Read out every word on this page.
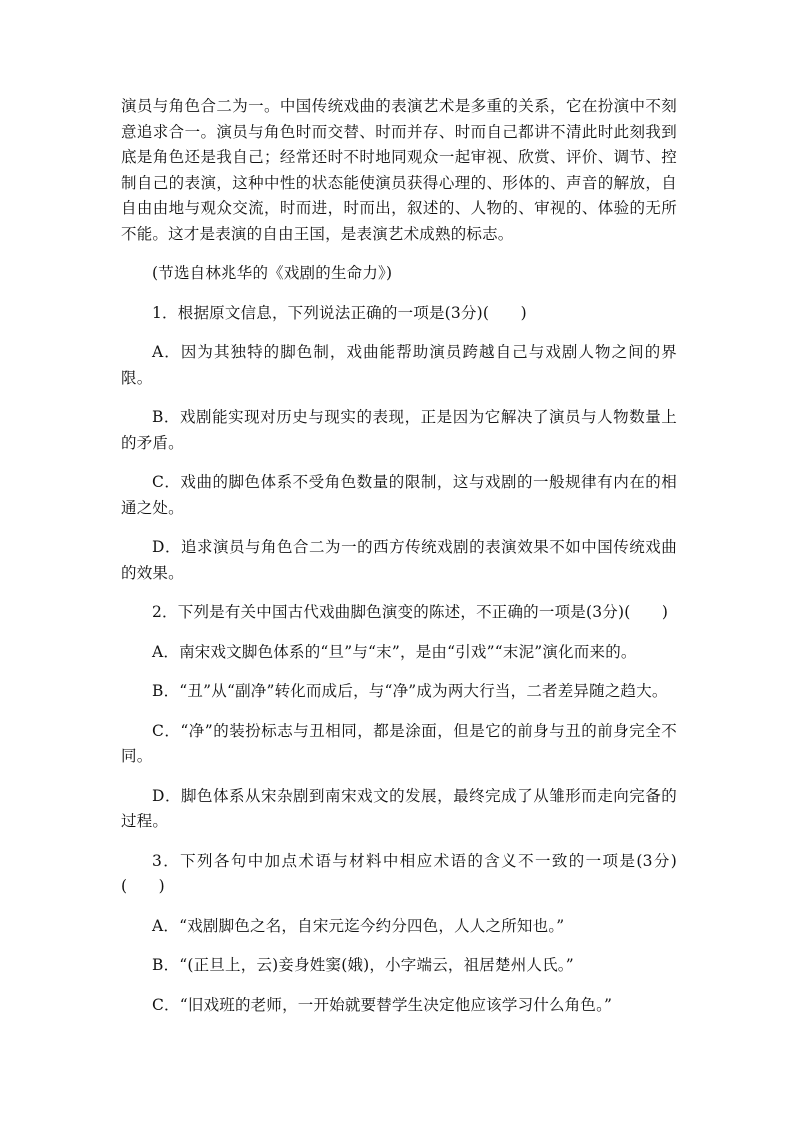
演员与角色合二为一。中国传统戏曲的表演艺术是多重的关系，它在扮演中不刻意追求合一。演员与角色时而交替、时而并存、时而自己都讲不清此时此刻我到底是角色还是我自己；经常还时不时地同观众一起审视、欣赏、评价、调节、控制自己的表演，这种中性的状态能使演员获得心理的、形体的、声音的解放，自自由由地与观众交流，时而进，时而出，叙述的、人物的、审视的、体验的无所不能。这才是表演的自由王国，是表演艺术成熟的标志。

(节选自林兆华的《戏剧的生命力》)

1．根据原文信息，下列说法正确的一项是(3分)(　　)

A．因为其独特的脚色制，戏曲能帮助演员跨越自己与戏剧人物之间的界限。

B．戏剧能实现对历史与现实的表现，正是因为它解决了演员与人物数量上的矛盾。

C．戏曲的脚色体系不受角色数量的限制，这与戏剧的一般规律有内在的相通之处。

D．追求演员与角色合二为一的西方传统戏剧的表演效果不如中国传统戏曲的效果。

2．下列是有关中国古代戏曲脚色演变的陈述，不正确的一项是(3分)(　　)

A．南宋戏文脚色体系的“旦”与“末”，是由“引戏”“末泥”演化而来的。

B．“丑”从“副净”转化而成后，与“净”成为两大行当，二者差异随之趋大。

C．“净”的装扮标志与丑相同，都是涂面，但是它的前身与丑的前身完全不同。

D．脚色体系从宋杂剧到南宋戏文的发展，最终完成了从雏形而走向完备的过程。

3．下列各句中加点术语与材料中相应术语的含义不一致的一项是(3分)(　　)

A．“戏剧脚色之名，自宋元迄今约分四色，人人之所知也。”

B．“(正旦上，云)妾身姓窦(娥)，小字端云，祖居楚州人氏。”

C．“旧戏班的老师，一开始就要替学生决定他应该学习什么角色。”
